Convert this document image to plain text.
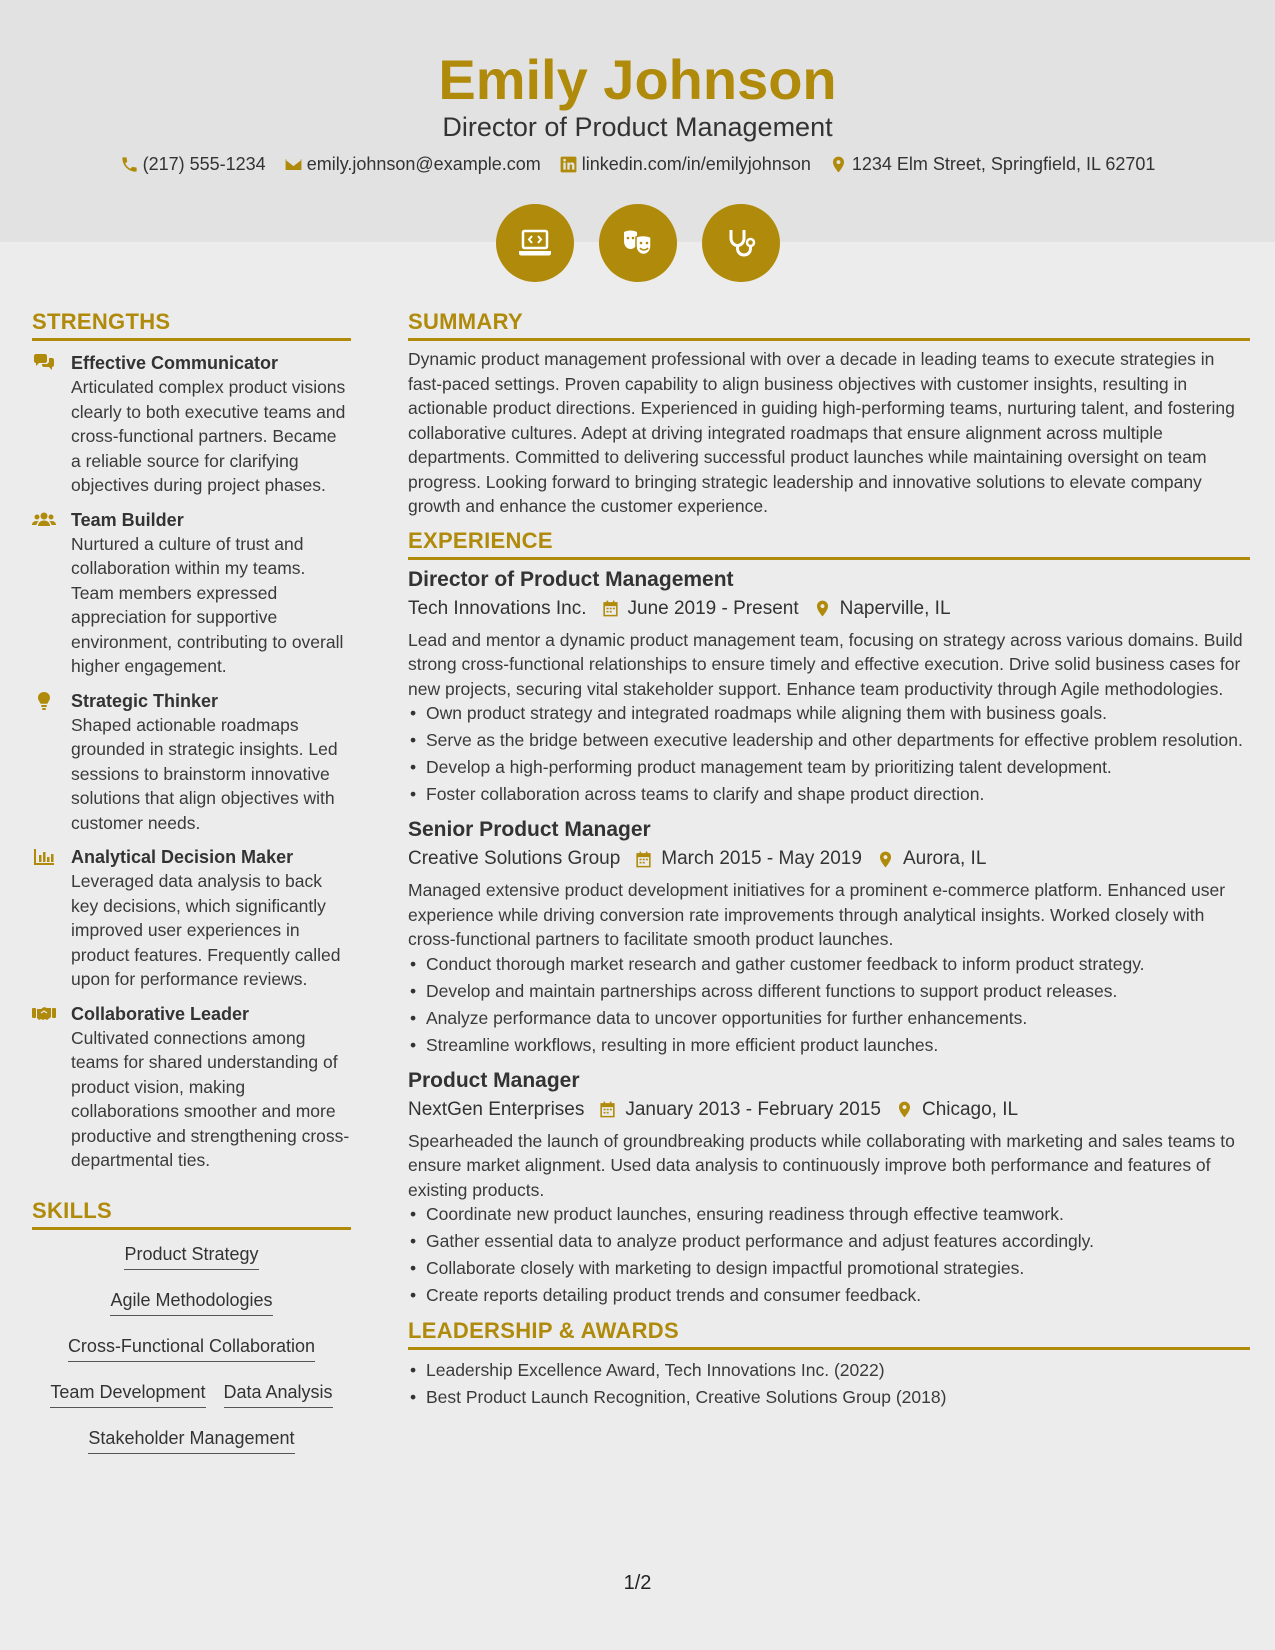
Emily Johnson
Director of Product Management
(217) 555-1234 emily.johnson@example.com linkedin.com/in/emilyjohnson 1234 Elm Street, Springfield, IL 62701
STRENGTHS
Effective Communicator
Articulated complex product visions clearly to both executive teams and cross-functional partners. Became a reliable source for clarifying objectives during project phases.
Team Builder
Nurtured a culture of trust and collaboration within my teams. Team members expressed appreciation for supportive environment, contributing to overall higher engagement.
Strategic Thinker
Shaped actionable roadmaps grounded in strategic insights. Led sessions to brainstorm innovative solutions that align objectives with customer needs.
Analytical Decision Maker
Leveraged data analysis to back key decisions, which significantly improved user experiences in product features. Frequently called upon for performance reviews.
Collaborative Leader
Cultivated connections among teams for shared understanding of product vision, making collaborations smoother and more productive and strengthening cross-departmental ties.
SKILLS
Product Strategy
Agile Methodologies
Cross-Functional Collaboration
Team Development Data Analysis
Stakeholder Management
SUMMARY
Dynamic product management professional with over a decade in leading teams to execute strategies in fast-paced settings. Proven capability to align business objectives with customer insights, resulting in actionable product directions. Experienced in guiding high-performing teams, nurturing talent, and fostering collaborative cultures. Adept at driving integrated roadmaps that ensure alignment across multiple departments. Committed to delivering successful product launches while maintaining oversight on team progress. Looking forward to bringing strategic leadership and innovative solutions to elevate company growth and enhance the customer experience.
EXPERIENCE
Director of Product Management
Tech Innovations Inc. June 2019 - Present Naperville, IL
Lead and mentor a dynamic product management team, focusing on strategy across various domains. Build strong cross-functional relationships to ensure timely and effective execution. Drive solid business cases for new projects, securing vital stakeholder support. Enhance team productivity through Agile methodologies.
• Own product strategy and integrated roadmaps while aligning them with business goals.
• Serve as the bridge between executive leadership and other departments for effective problem resolution.
• Develop a high-performing product management team by prioritizing talent development.
• Foster collaboration across teams to clarify and shape product direction.
Senior Product Manager
Creative Solutions Group March 2015 - May 2019 Aurora, IL
Managed extensive product development initiatives for a prominent e-commerce platform. Enhanced user experience while driving conversion rate improvements through analytical insights. Worked closely with cross-functional partners to facilitate smooth product launches.
• Conduct thorough market research and gather customer feedback to inform product strategy.
• Develop and maintain partnerships across different functions to support product releases.
• Analyze performance data to uncover opportunities for further enhancements.
• Streamline workflows, resulting in more efficient product launches.
Product Manager
NextGen Enterprises January 2013 - February 2015 Chicago, IL
Spearheaded the launch of groundbreaking products while collaborating with marketing and sales teams to ensure market alignment. Used data analysis to continuously improve both performance and features of existing products.
• Coordinate new product launches, ensuring readiness through effective teamwork.
• Gather essential data to analyze product performance and adjust features accordingly.
• Collaborate closely with marketing to design impactful promotional strategies.
• Create reports detailing product trends and consumer feedback.
LEADERSHIP & AWARDS
• Leadership Excellence Award, Tech Innovations Inc. (2022)
• Best Product Launch Recognition, Creative Solutions Group (2018)
1/2
